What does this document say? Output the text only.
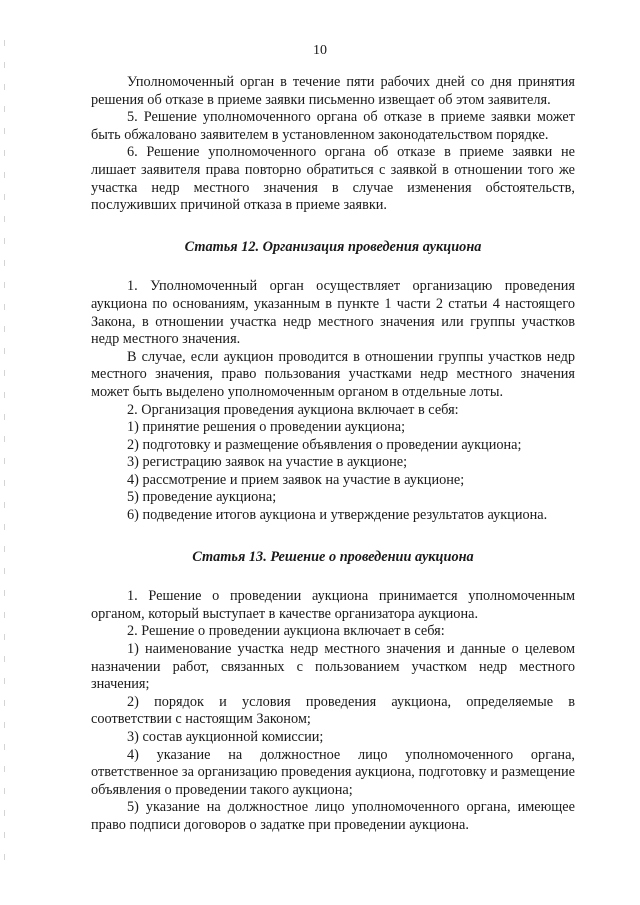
10

Уполномоченный орган в течение пяти рабочих дней со дня принятия решения об отказе в приеме заявки письменно извещает об этом заявителя.

5. Решение уполномоченного органа об отказе в приеме заявки может быть обжаловано заявителем в установленном законодательством порядке.

6. Решение уполномоченного органа об отказе в приеме заявки не лишает заявителя права повторно обратиться с заявкой в отношении того же участка недр местного значения в случае изменения обстоятельств, послуживших причиной отказа в приеме заявки.

Статья 12. Организация проведения аукциона

1. Уполномоченный орган осуществляет организацию проведения аукциона по основаниям, указанным в пункте 1 части 2 статьи 4 настоящего Закона, в отношении участка недр местного значения или группы участков недр местного значения.

В случае, если аукцион проводится в отношении группы участков недр местного значения, право пользования участками недр местного значения может быть выделено уполномоченным органом в отдельные лоты.

2. Организация проведения аукциона включает в себя:

1) принятие решения о проведении аукциона;

2) подготовку и размещение объявления о проведении аукциона;

3) регистрацию заявок на участие в аукционе;

4) рассмотрение и прием заявок на участие в аукционе;

5) проведение аукциона;

6) подведение итогов аукциона и утверждение результатов аукциона.

Статья 13. Решение о проведении аукциона

1. Решение о проведении аукциона принимается уполномоченным органом, который выступает в качестве организатора аукциона.

2. Решение о проведении аукциона включает в себя:

1) наименование участка недр местного значения и данные о целевом назначении работ, связанных с пользованием участком недр местного значения;

2) порядок и условия проведения аукциона, определяемые в соответствии с настоящим Законом;

3) состав аукционной комиссии;

4) указание на должностное лицо уполномоченного органа, ответственное за организацию проведения аукциона, подготовку и размещение объявления о проведении такого аукциона;

5) указание на должностное лицо уполномоченного органа, имеющее право подписи договоров о задатке при проведении аукциона.
